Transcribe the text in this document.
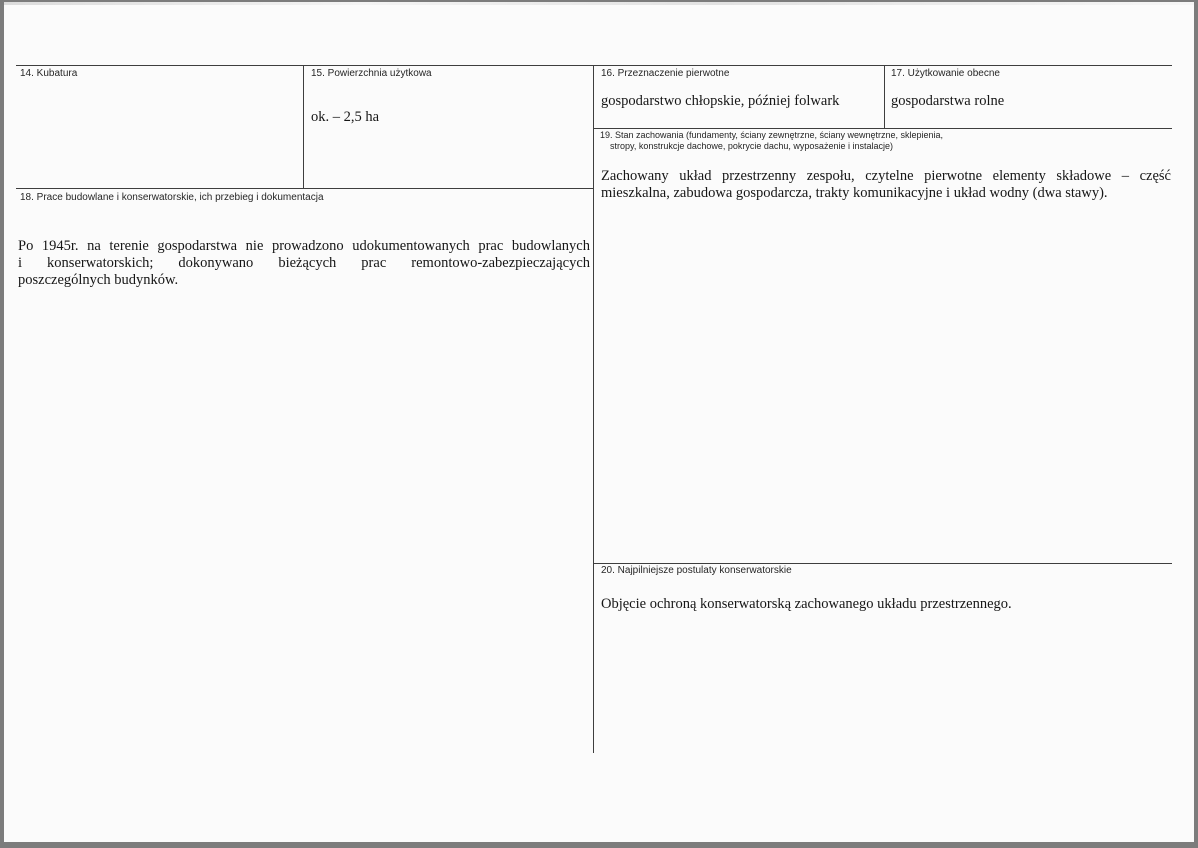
14. Kubatura	15. Powierzchnia użytkowa
ok. – 2,5 ha
16. Przeznaczenie pierwotne
gospodarstwo chłopskie, później folwark
17. Użytkowanie obecne
gospodarstwa rolne
19. Stan zachowania (fundamenty, ściany zewnętrzne, ściany wewnętrzne, sklepienia,
stropy, konstrukcje dachowe, pokrycie dachu, wyposażenie i instalacje)
Zachowany układ przestrzenny zespołu, czytelne pierwotne elementy składowe – część
mieszkalna, zabudowa gospodarcza, trakty komunikacyjne i układ wodny (dwa stawy).
18. Prace budowlane i konserwatorskie, ich przebieg i dokumentacja
Po 1945r. na terenie gospodarstwa nie prowadzono udokumentowanych prac budowlanych
i konserwatorskich; dokonywano bieżących prac remontowo-zabezpieczających
poszczególnych budynków.
20. Najpilniejsze postulaty konserwatorskie
Objęcie ochroną konserwatorską zachowanego układu przestrzennego.
